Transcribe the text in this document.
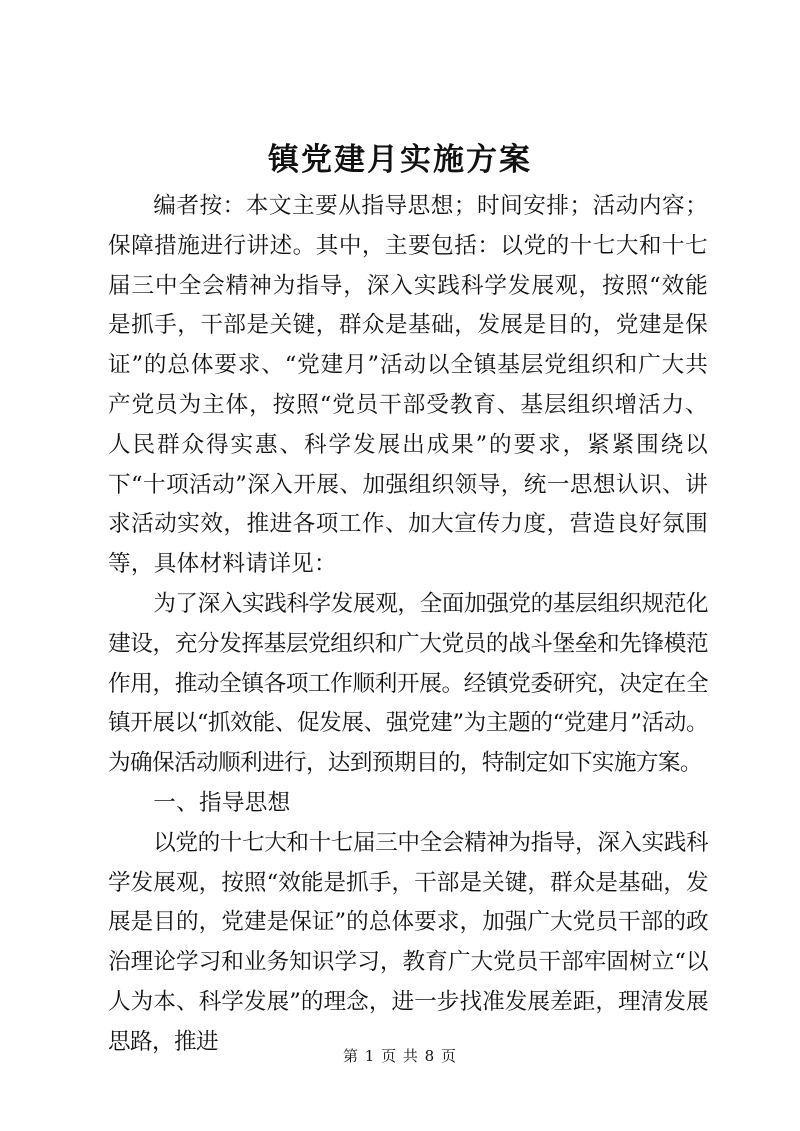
镇党建月实施方案

编者按：本文主要从指导思想；时间安排；活动内容；保障措施进行讲述。其中，主要包括：以党的十七大和十七届三中全会精神为指导，深入实践科学发展观，按照“效能是抓手，干部是关键，群众是基础，发展是目的，党建是保证”的总体要求、“党建月”活动以全镇基层党组织和广大共产党员为主体，按照“党员干部受教育、基层组织增活力、人民群众得实惠、科学发展出成果”的要求，紧紧围绕以下“十项活动”深入开展、加强组织领导，统一思想认识、讲求活动实效，推进各项工作、加大宣传力度，营造良好氛围等，具体材料请详见：

为了深入实践科学发展观，全面加强党的基层组织规范化建设，充分发挥基层党组织和广大党员的战斗堡垒和先锋模范作用，推动全镇各项工作顺利开展。经镇党委研究，决定在全镇开展以“抓效能、促发展、强党建”为主题的“党建月”活动。为确保活动顺利进行，达到预期目的，特制定如下实施方案。

一、指导思想

以党的十七大和十七届三中全会精神为指导，深入实践科学发展观，按照“效能是抓手，干部是关键，群众是基础，发展是目的，党建是保证”的总体要求，加强广大党员干部的政治理论学习和业务知识学习，教育广大党员干部牢固树立“以人为本、科学发展”的理念，进一步找准发展差距，理清发展思路，推进

第 1 页 共 8 页
